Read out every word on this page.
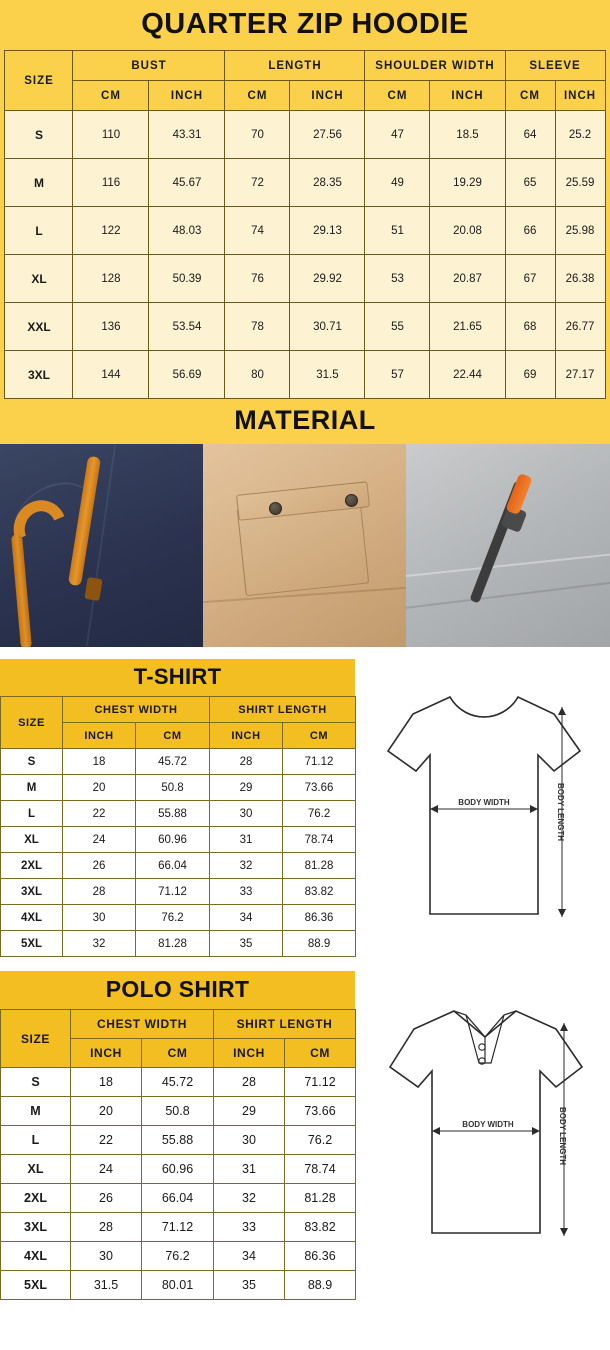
QUARTER ZIP HOODIE
SIZE	BUST		LENGTH		SHOULDER WIDTH		SLEEVE	
	CM	INCH	CM	INCH	CM	INCH	CM	INCH
S	110	43.31	70	27.56	47	18.5	64	25.2
M	116	45.67	72	28.35	49	19.29	65	25.59
L	122	48.03	74	29.13	51	20.08	66	25.98
XL	128	50.39	76	29.92	53	20.87	67	26.38
XXL	136	53.54	78	30.71	55	21.65	68	26.77
3XL	144	56.69	80	31.5	57	22.44	69	27.17
MATERIAL
T-SHIRT
SIZE	CHEST WIDTH		SHIRT LENGTH	
	INCH	CM	INCH	CM
S	18	45.72	28	71.12
M	20	50.8	29	73.66
L	22	55.88	30	76.2
XL	24	60.96	31	78.74
2XL	26	66.04	32	81.28
3XL	28	71.12	33	83.82
4XL	30	76.2	34	86.36
5XL	32	81.28	35	88.9
BODY WIDTH	BODY LENGTH
POLO SHIRT
SIZE	CHEST WIDTH		SHIRT LENGTH	
	INCH	CM	INCH	CM
S	18	45.72	28	71.12
M	20	50.8	29	73.66
L	22	55.88	30	76.2
XL	24	60.96	31	78.74
2XL	26	66.04	32	81.28
3XL	28	71.12	33	83.82
4XL	30	76.2	34	86.36
5XL	31.5	80.01	35	88.9
BODY WIDTH	BODY LENGTH
